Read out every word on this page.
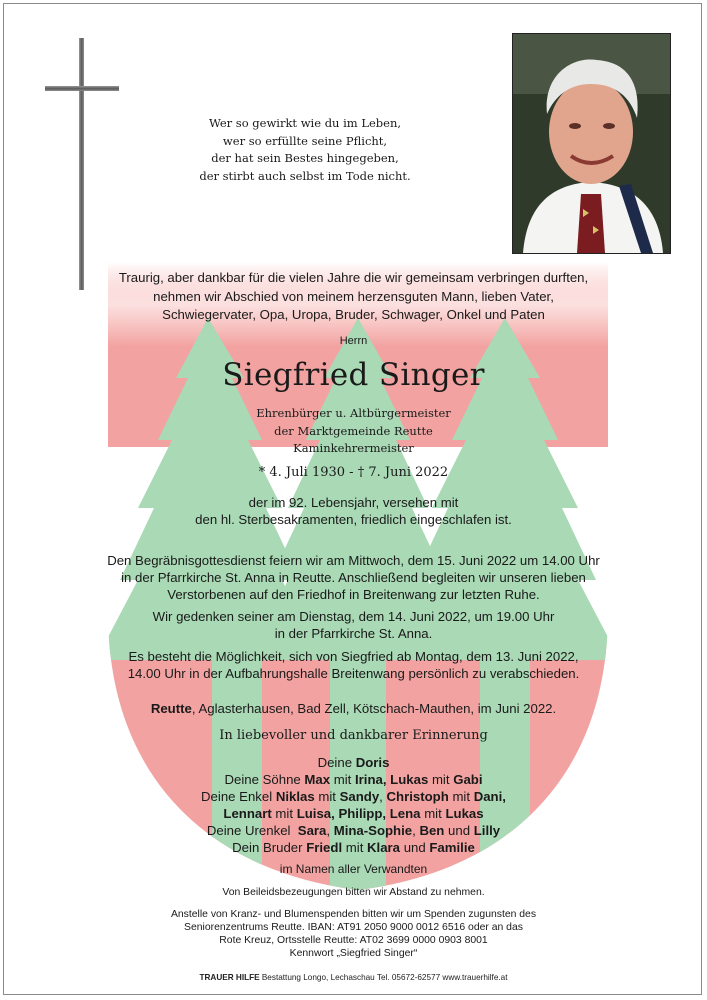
Wer so gewirkt wie du im Leben,
wer so erfüllte seine Pflicht,
der hat sein Bestes hingegeben,
der stirbt auch selbst im Tode nicht.
Traurig, aber dankbar für die vielen Jahre die wir gemeinsam verbringen durften,
nehmen wir Abschied von meinem herzensguten Mann, lieben Vater,
Schwiegervater, Opa, Uropa, Bruder, Schwager, Onkel und Paten
Herrn
Siegfried Singer
Ehrenbürger u. Altbürgermeister
der Marktgemeinde Reutte
Kaminkehrermeister
* 4. Juli 1930 - † 7. Juni 2022
der im 92. Lebensjahr, versehen mit
den hl. Sterbesakramenten, friedlich eingeschlafen ist.
Den Begräbnisgottesdienst feiern wir am Mittwoch, dem 15. Juni 2022 um 14.00 Uhr
in der Pfarrkirche St. Anna in Reutte. Anschließend begleiten wir unseren lieben
Verstorbenen auf den Friedhof in Breitenwang zur letzten Ruhe.
Wir gedenken seiner am Dienstag, dem 14. Juni 2022, um 19.00 Uhr
in der Pfarrkirche St. Anna.
Es besteht die Möglichkeit, sich von Siegfried ab Montag, dem 13. Juni 2022,
14.00 Uhr in der Aufbahrungshalle Breitenwang persönlich zu verabschieden.
Reutte, Aglasterhausen, Bad Zell, Kötschach-Mauthen, im Juni 2022.
In liebevoller und dankbarer Erinnerung
Deine Doris
Deine Söhne Max mit Irina, Lukas mit Gabi
Deine Enkel Niklas mit Sandy, Christoph mit Dani,
Lennart mit Luisa, Philipp, Lena mit Lukas
Deine Urenkel  Sara, Mina-Sophie, Ben und Lilly
Dein Bruder Friedl mit Klara und Familie
im Namen aller Verwandten
Von Beileidsbezeugungen bitten wir Abstand zu nehmen.
Anstelle von Kranz- und Blumenspenden bitten wir um Spenden zugunsten des
Seniorenzentrums Reutte. IBAN: AT91 2050 9000 0012 6516 oder an das
Rote Kreuz, Ortsstelle Reutte: AT02 3699 0000 0903 8001
Kennwort „Siegfried Singer“
TRAUER HILFE Bestattung Longo, Lechaschau Tel. 05672-62577 www.trauerhilfe.at
